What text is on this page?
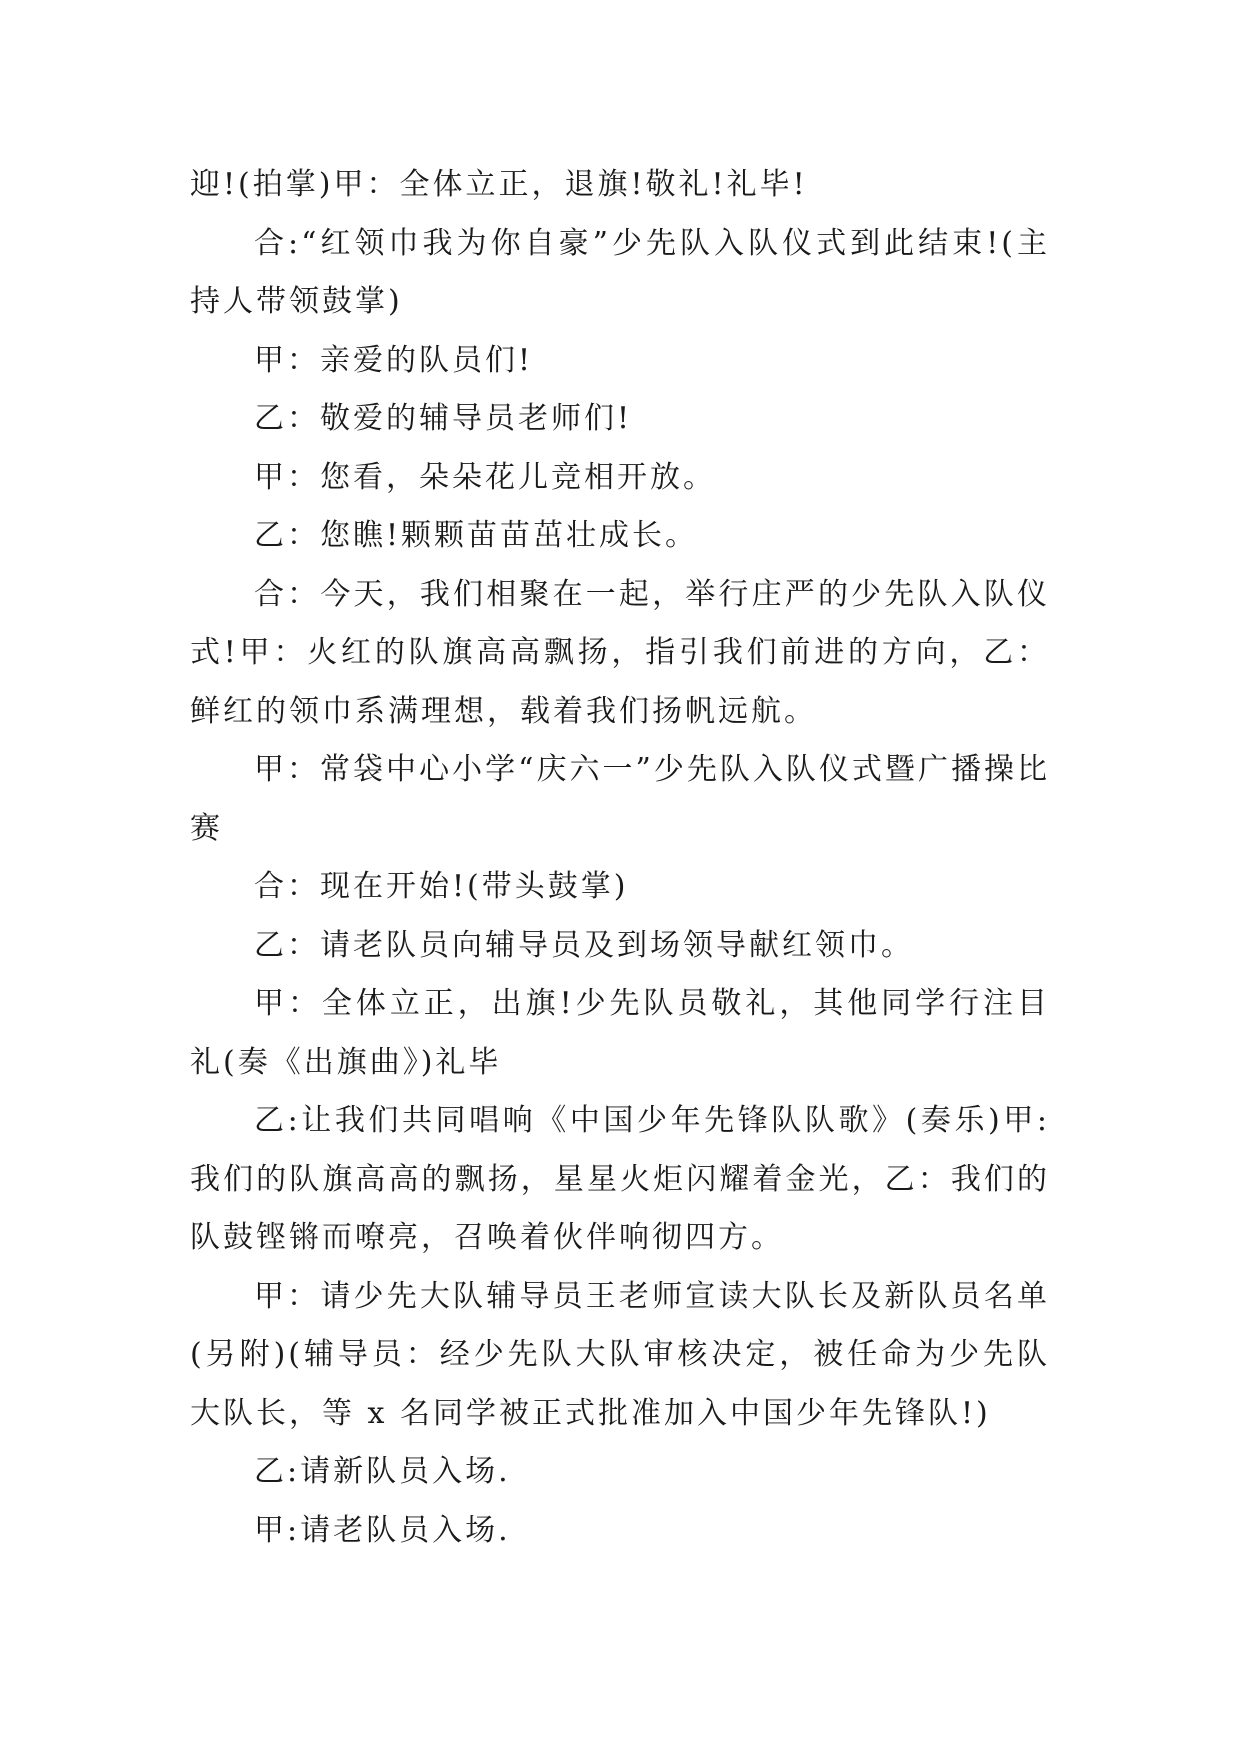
迎!(拍掌)甲：全体立正，退旗!敬礼!礼毕!

合:“红领巾我为你自豪”少先队入队仪式到此结束!(主持人带领鼓掌)

甲：亲爱的队员们!

乙：敬爱的辅导员老师们!

甲：您看，朵朵花儿竞相开放。

乙：您瞧!颗颗苗苗茁壮成长。

合：今天，我们相聚在一起，举行庄严的少先队入队仪式!甲：火红的队旗高高飘扬，指引我们前进的方向，乙：鲜红的领巾系满理想，载着我们扬帆远航。

甲：常袋中心小学“庆六一”少先队入队仪式暨广播操比赛

合：现在开始!(带头鼓掌)

乙：请老队员向辅导员及到场领导献红领巾。

甲：全体立正，出旗!少先队员敬礼，其他同学行注目礼(奏《出旗曲》)礼毕

乙:让我们共同唱响《中国少年先锋队队歌》(奏乐)甲:我们的队旗高高的飘扬，星星火炬闪耀着金光，乙：我们的队鼓铿锵而嘹亮，召唤着伙伴响彻四方。

甲：请少先大队辅导员王老师宣读大队长及新队员名单(另附)(辅导员：经少先队大队审核决定，被任命为少先队大队长，等 x 名同学被正式批准加入中国少年先锋队!)

乙:请新队员入场.

甲:请老队员入场.
